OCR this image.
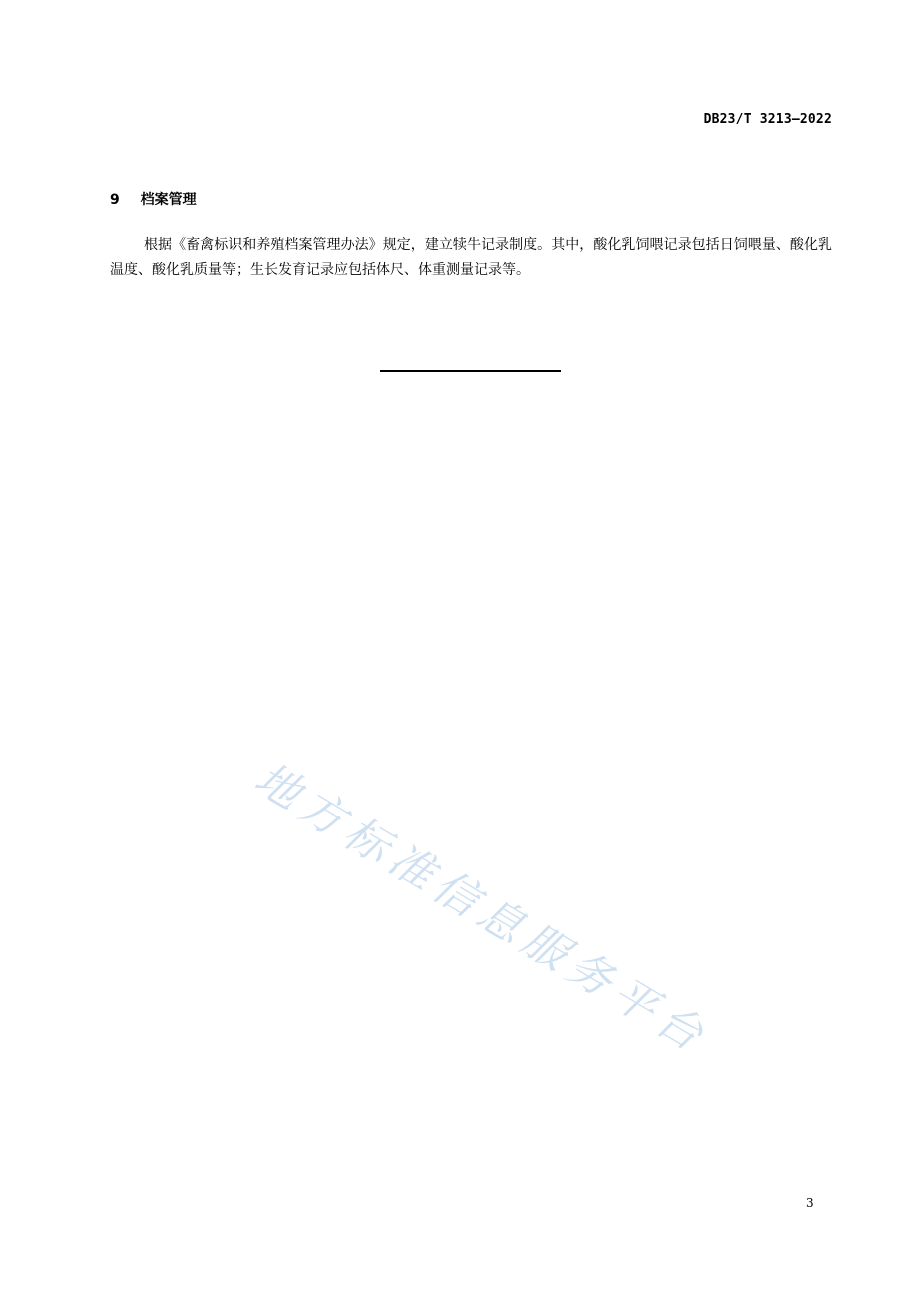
DB23/T 3213—2022
9 档案管理

根据《畜禽标识和养殖档案管理办法》规定，建立犊牛记录制度。其中，酸化乳饲喂记录包括日饲喂量、酸化乳温度、酸化乳质量等；生长发育记录应包括体尺、体重测量记录等。

地方标准信息服务平台
3
